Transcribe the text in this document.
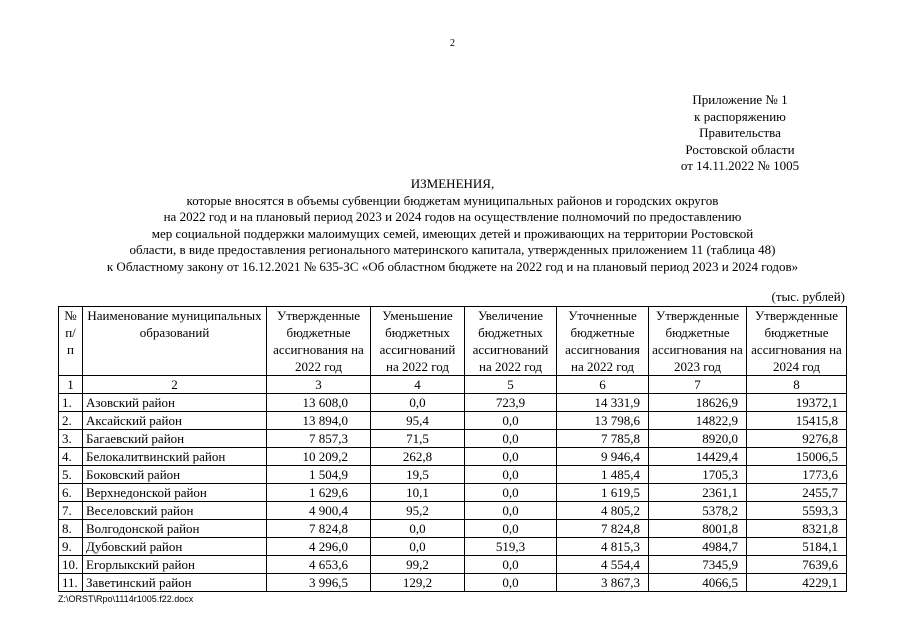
2
Приложение № 1
к распоряжению
Правительства
Ростовской области
от 14.11.2022 № 1005
ИЗМЕНЕНИЯ,
которые вносятся в объемы субвенции бюджетам муниципальных районов и городских округов
на 2022 год и на плановый период 2023 и 2024 годов на осуществление полномочий по предоставлению
мер социальной поддержки малоимущих семей, имеющих детей и проживающих на территории Ростовской
области, в виде предоставления регионального материнского капитала, утвержденных приложением 11 (таблица 48)
к Областному закону от 16.12.2021 № 635-ЗС «Об областном бюджете на 2022 год и на плановый период 2023 и 2024 годов»
(тыс. рублей)
№ п/п	Наименование муниципальных образований	Утвержденные бюджетные ассигнования на 2022 год	Уменьшение бюджетных ассигнований на 2022 год	Увеличение бюджетных ассигнований на 2022 год	Уточненные бюджетные ассигнования на 2022 год	Утвержденные бюджетные ассигнования на 2023 год	Утвержденные бюджетные ассигнования на 2024 год
1	2	3	4	5	6	7	8
1.	Азовский район	13 608,0	0,0	723,9	14 331,9	18626,9	19372,1
2.	Аксайский район	13 894,0	95,4	0,0	13 798,6	14822,9	15415,8
3.	Багаевский район	7 857,3	71,5	0,0	7 785,8	8920,0	9276,8
4.	Белокалитвинский район	10 209,2	262,8	0,0	9 946,4	14429,4	15006,5
5.	Боковский район	1 504,9	19,5	0,0	1 485,4	1705,3	1773,6
6.	Верхнедонской район	1 629,6	10,1	0,0	1 619,5	2361,1	2455,7
7.	Веселовский район	4 900,4	95,2	0,0	4 805,2	5378,2	5593,3
8.	Волгодонской район	7 824,8	0,0	0,0	7 824,8	8001,8	8321,8
9.	Дубовский район	4 296,0	0,0	519,3	4 815,3	4984,7	5184,1
10.	Егорлыкский район	4 653,6	99,2	0,0	4 554,4	7345,9	7639,6
11.	Заветинский район	3 996,5	129,2	0,0	3 867,3	4066,5	4229,1
Z:\ORST\Rpo\1114r1005.f22.docx
